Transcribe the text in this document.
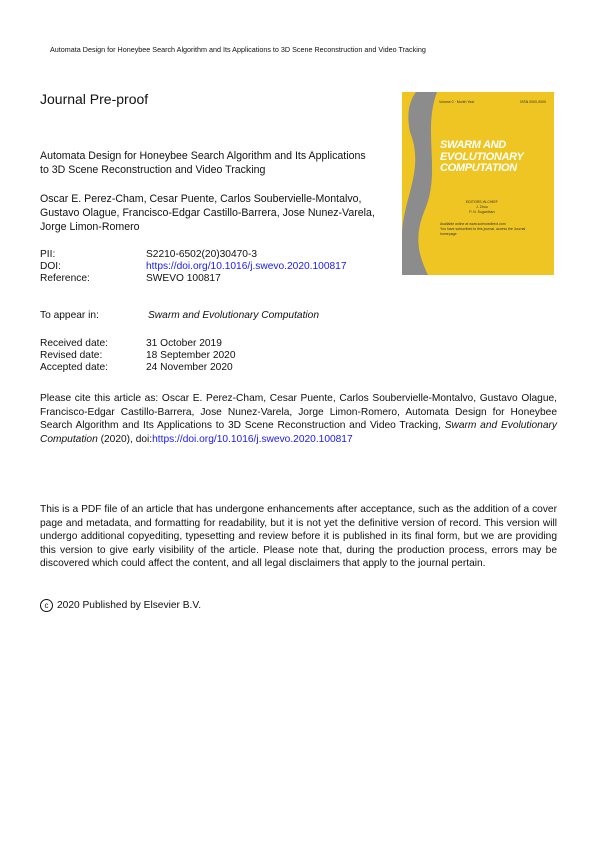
Automata Design for Honeybee Search Algorithm and Its Applications to 3D Scene Reconstruction and Video Tracking
Journal Pre-proof	Volume 0 · Month Year	ISSN 0000-0000
SWARM AND
EVOLUTIONARY
COMPUTATION
EDITORS-IN-CHIEF
J. Zhou
P. N. Suganthan
Available online at www.sciencedirect.com
You have subscribed to this journal, access the Journal homepage
Automata Design for Honeybee Search Algorithm and Its Applications to 3D Scene Reconstruction and Video Tracking
Oscar E. Perez-Cham, Cesar Puente, Carlos Soubervielle-Montalvo, Gustavo Olague, Francisco-Edgar Castillo-Barrera, Jose Nunez-Varela, Jorge Limon-Romero
PII:	S2210-6502(20)30470-3
DOI:	https://doi.org/10.1016/j.swevo.2020.100817
Reference:	SWEVO 100817
To appear in:	Swarm and Evolutionary Computation
Received date:	31 October 2019
Revised date:	18 September 2020
Accepted date:	24 November 2020
Please cite this article as: Oscar E. Perez-Cham, Cesar Puente, Carlos Soubervielle-Montalvo, Gustavo Olague, Francisco-Edgar Castillo-Barrera, Jose Nunez-Varela, Jorge Limon-Romero, Automata Design for Honeybee Search Algorithm and Its Applications to 3D Scene Reconstruction and Video Tracking, Swarm and Evolutionary Computation (2020), doi:https://doi.org/10.1016/j.swevo.2020.100817
This is a PDF file of an article that has undergone enhancements after acceptance, such as the addition of a cover page and metadata, and formatting for readability, but it is not yet the definitive version of record. This version will undergo additional copyediting, typesetting and review before it is published in its final form, but we are providing this version to give early visibility of the article. Please note that, during the production process, errors may be discovered which could affect the content, and all legal disclaimers that apply to the journal pertain.
c 2020 Published by Elsevier B.V.
